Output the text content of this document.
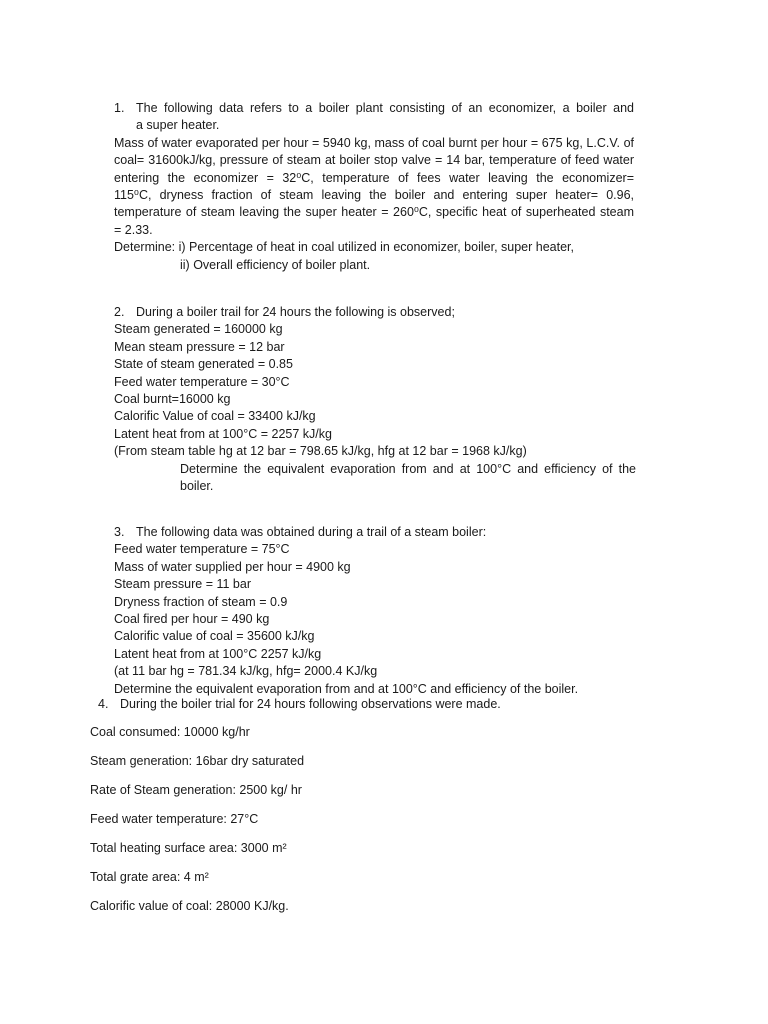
1. The following data refers to a boiler plant consisting of an economizer, a boiler and
a super heater.
Mass of water evaporated per hour = 5940 kg, mass of coal burnt per hour = 675 kg, L.C.V. of
coal= 31600kJ/kg, pressure of steam at boiler stop valve = 14 bar, temperature of feed water
entering the economizer = 32⁰C, temperature of fees water leaving the economizer=
115⁰C, dryness fraction of steam leaving the boiler and entering super heater= 0.96,
temperature of steam leaving the super heater = 260⁰C, specific heat of superheated steam
= 2.33.
Determine: i) Percentage of heat in coal utilized in economizer, boiler, super heater,
ii) Overall efficiency of boiler plant.
2. During a boiler trail for 24 hours the following is observed;
Steam generated = 160000 kg
Mean steam pressure = 12 bar
State of steam generated = 0.85
Feed water temperature = 30°C
Coal burnt=16000 kg
Calorific Value of coal = 33400 kJ/kg
Latent heat from at 100°C = 2257 kJ/kg
(From steam table hg at 12 bar = 798.65 kJ/kg, hfg at 12 bar = 1968 kJ/kg)
Determine the equivalent evaporation from and at 100°C and efficiency of the
boiler.
3. The following data was obtained during a trail of a steam boiler:
Feed water temperature = 75°C
Mass of water supplied per hour = 4900 kg
Steam pressure = 11 bar
Dryness fraction of steam = 0.9
Coal fired per hour = 490 kg
Calorific value of coal = 35600 kJ/kg
Latent heat from at 100°C 2257 kJ/kg
(at 11 bar hg = 781.34 kJ/kg, hfg= 2000.4 KJ/kg
Determine the equivalent evaporation from and at 100°C and efficiency of the boiler.
4. During the boiler trial for 24 hours following observations were made.
Coal consumed: 10000 kg/hr
Steam generation: 16bar dry saturated
Rate of Steam generation: 2500 kg/ hr
Feed water temperature: 27°C
Total heating surface area: 3000 m²
Total grate area: 4 m²
Calorific value of coal: 28000 KJ/kg.
